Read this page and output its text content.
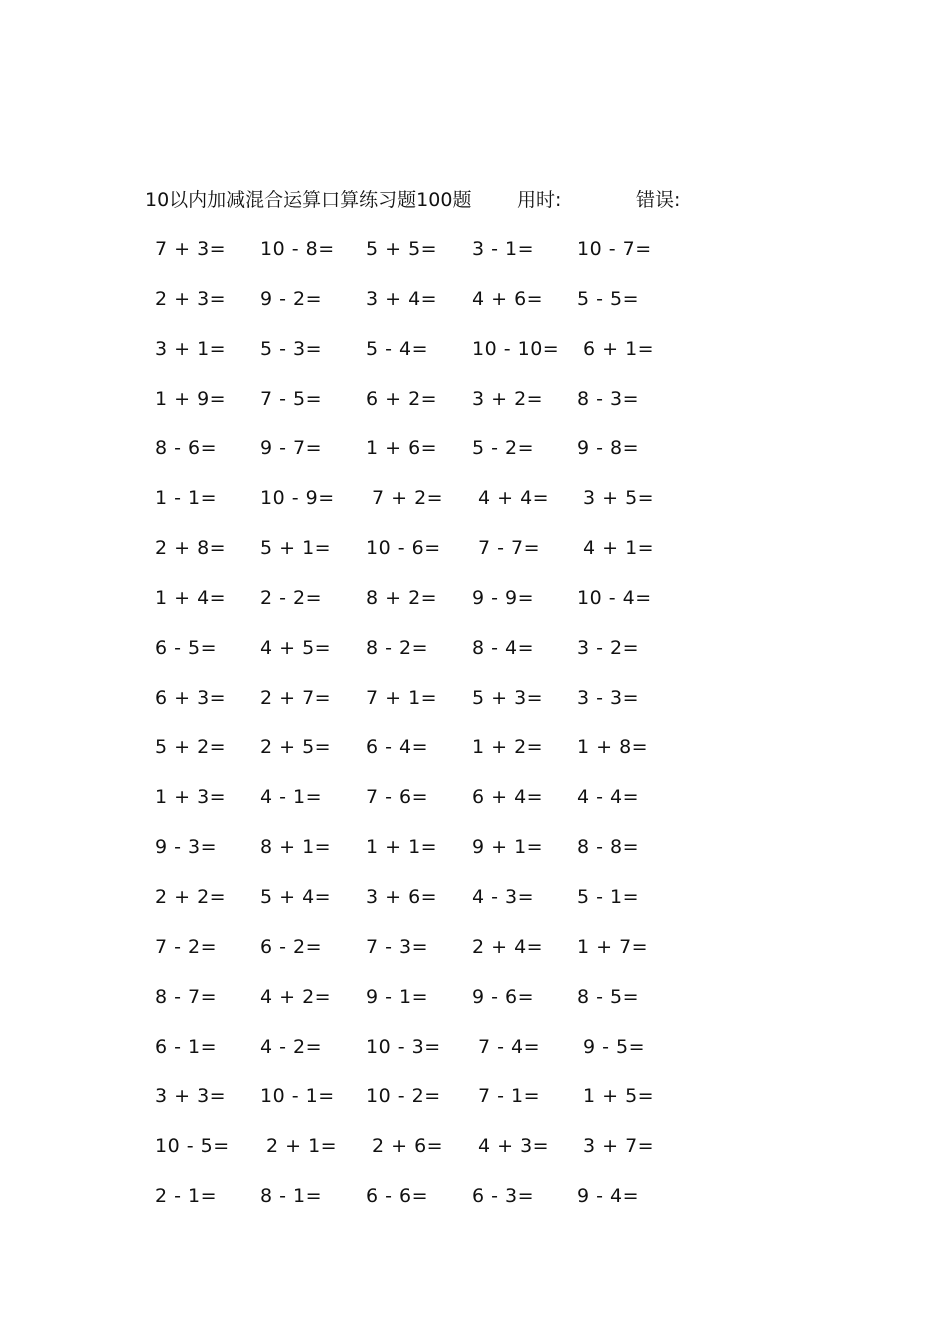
10以内加减混合运算口算练习题100题 用时:	错误:
7 + 3= 10 - 8= 5 + 5= 3 - 1= 10 - 7=
2 + 3= 9 - 2= 3 + 4= 4 + 6= 5 - 5=
3 + 1= 5 - 3= 5 - 4= 10 - 10= 6 + 1=
1 + 9= 7 - 5= 6 + 2= 3 + 2= 8 - 3=
8 - 6= 9 - 7= 1 + 6= 5 - 2= 9 - 8=
1 - 1= 10 - 9= 7 + 2= 4 + 4= 3 + 5=
2 + 8= 5 + 1= 10 - 6= 7 - 7= 4 + 1=
1 + 4= 2 - 2= 8 + 2= 9 - 9= 10 - 4=
6 - 5= 4 + 5= 8 - 2= 8 - 4= 3 - 2=
6 + 3= 2 + 7= 7 + 1= 5 + 3= 3 - 3=
5 + 2= 2 + 5= 6 - 4= 1 + 2= 1 + 8=
1 + 3= 4 - 1= 7 - 6= 6 + 4= 4 - 4=
9 - 3= 8 + 1= 1 + 1= 9 + 1= 8 - 8=
2 + 2= 5 + 4= 3 + 6= 4 - 3= 5 - 1=
7 - 2= 6 - 2= 7 - 3= 2 + 4= 1 + 7=
8 - 7= 4 + 2= 9 - 1= 9 - 6= 8 - 5=
6 - 1= 4 - 2= 10 - 3= 7 - 4= 9 - 5=
3 + 3= 10 - 1= 10 - 2= 7 - 1= 1 + 5=
10 - 5= 2 + 1= 2 + 6= 4 + 3= 3 + 7=
2 - 1= 8 - 1= 6 - 6= 6 - 3= 9 - 4=
